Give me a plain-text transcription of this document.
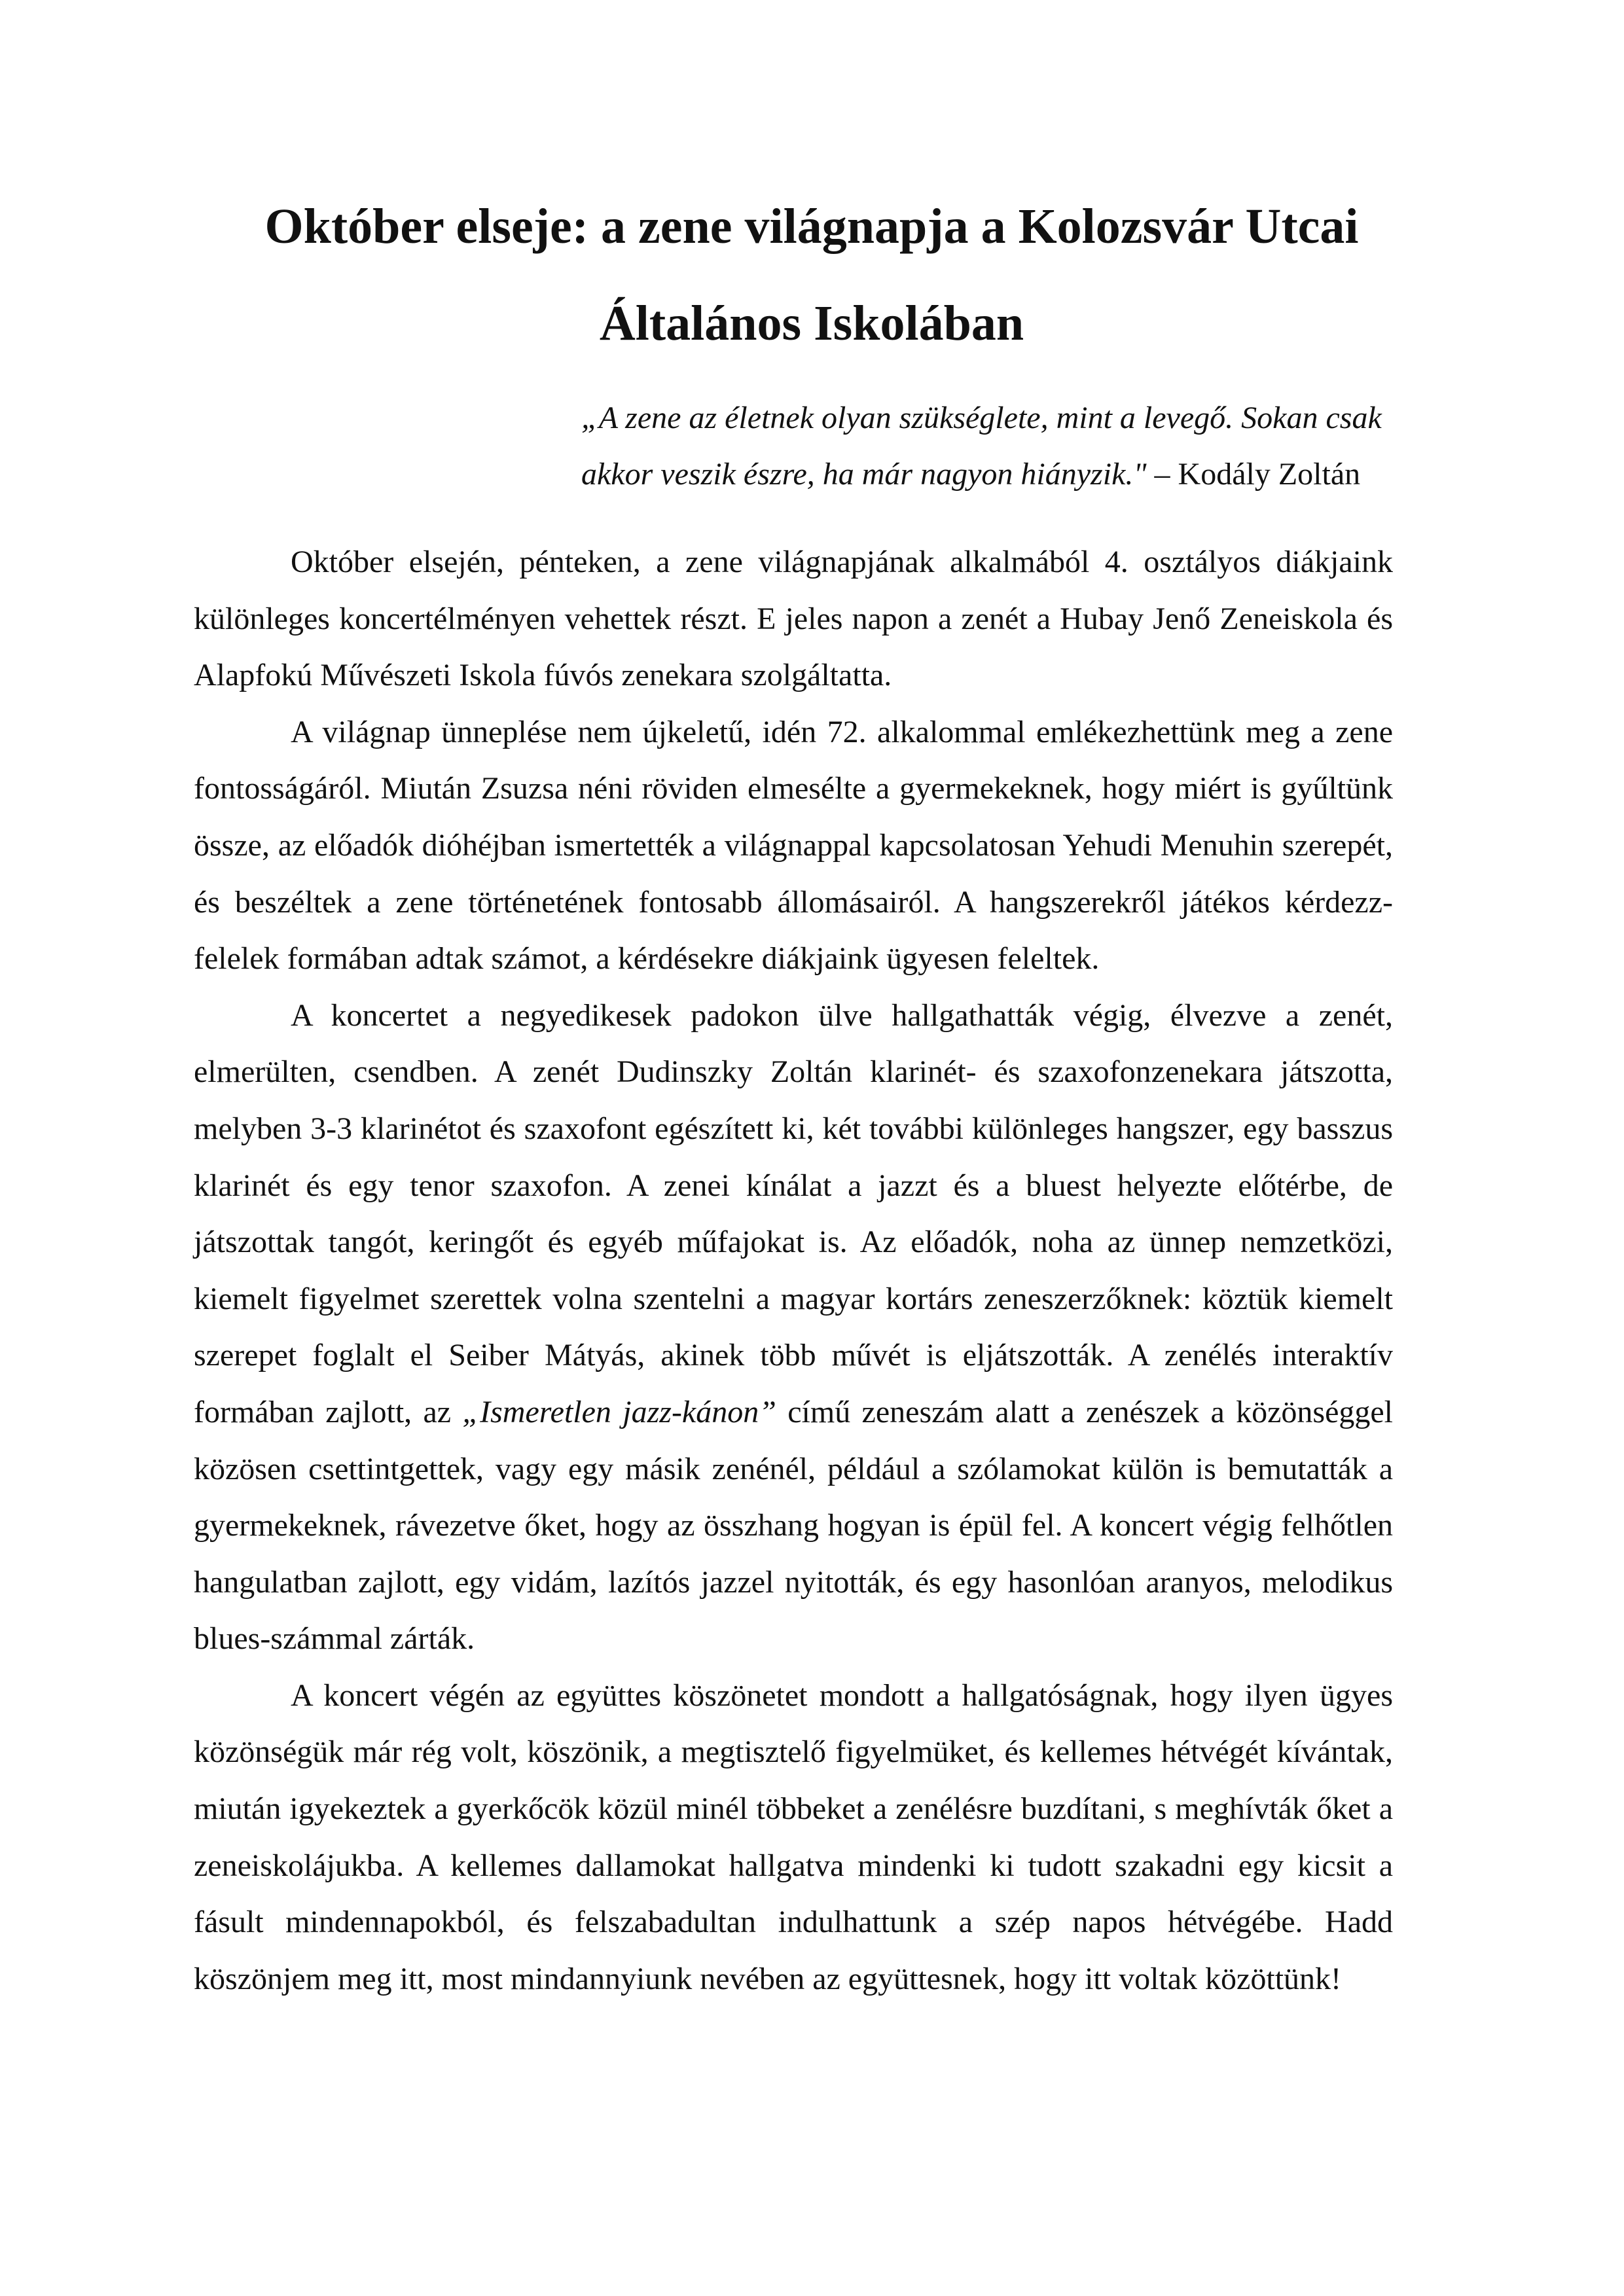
Október elseje: a zene világnapja a Kolozsvár Utcai
Általános Iskolában
„A zene az életnek olyan szükséglete, mint a levegő. Sokan csak
akkor veszik észre, ha már nagyon hiányzik." – Kodály Zoltán

Október elsején, pénteken, a zene világnapjának alkalmából 4. osztályos diákjaink különleges koncertélményen vehettek részt. E jeles napon a zenét a Hubay Jenő Zeneiskola és Alapfokú Művészeti Iskola fúvós zenekara szolgáltatta.

A világnap ünneplése nem újkeletű, idén 72. alkalommal emlékezhettünk meg a zene fontosságáról. Miután Zsuzsa néni röviden elmesélte a gyermekeknek, hogy miért is gyűltünk össze, az előadók dióhéjban ismertették a világnappal kapcsolatosan Yehudi Menuhin szerepét, és beszéltek a zene történetének fontosabb állomásairól. A hangszerekről játékos kérdezz-felelek formában adtak számot, a kérdésekre diákjaink ügyesen feleltek.

A koncertet a negyedikesek padokon ülve hallgathatták végig, élvezve a zenét, elmerülten, csendben. A zenét Dudinszky Zoltán klarinét- és szaxofonzenekara játszotta, melyben 3-3 klarinétot és szaxofont egészített ki, két további különleges hangszer, egy basszus klarinét és egy tenor szaxofon. A zenei kínálat a jazzt és a bluest helyezte előtérbe, de játszottak tangót, keringőt és egyéb műfajokat is. Az előadók, noha az ünnep nemzetközi, kiemelt figyelmet szerettek volna szentelni a magyar kortárs zeneszerzőknek: köztük kiemelt szerepet foglalt el Seiber Mátyás, akinek több művét is eljátszották. A zenélés interaktív formában zajlott, az „Ismeretlen jazz-kánon” című zeneszám alatt a zenészek a közönséggel közösen csettintgettek, vagy egy másik zenénél, például a szólamokat külön is bemutatták a gyermekeknek, rávezetve őket, hogy az összhang hogyan is épül fel. A koncert végig felhőtlen hangulatban zajlott, egy vidám, lazítós jazzel nyitották, és egy hasonlóan aranyos, melodikus blues-számmal zárták.

A koncert végén az együttes köszönetet mondott a hallgatóságnak, hogy ilyen ügyes közönségük már rég volt, köszönik, a megtisztelő figyelmüket, és kellemes hétvégét kívántak, miután igyekeztek a gyerkőcök közül minél többeket a zenélésre buzdítani, s meghívták őket a zeneiskolájukba. A kellemes dallamokat hallgatva mindenki ki tudott szakadni egy kicsit a fásult mindennapokból, és felszabadultan indulhattunk a szép napos hétvégébe. Hadd köszönjem meg itt, most mindannyiunk nevében az együttesnek, hogy itt voltak közöttünk!
